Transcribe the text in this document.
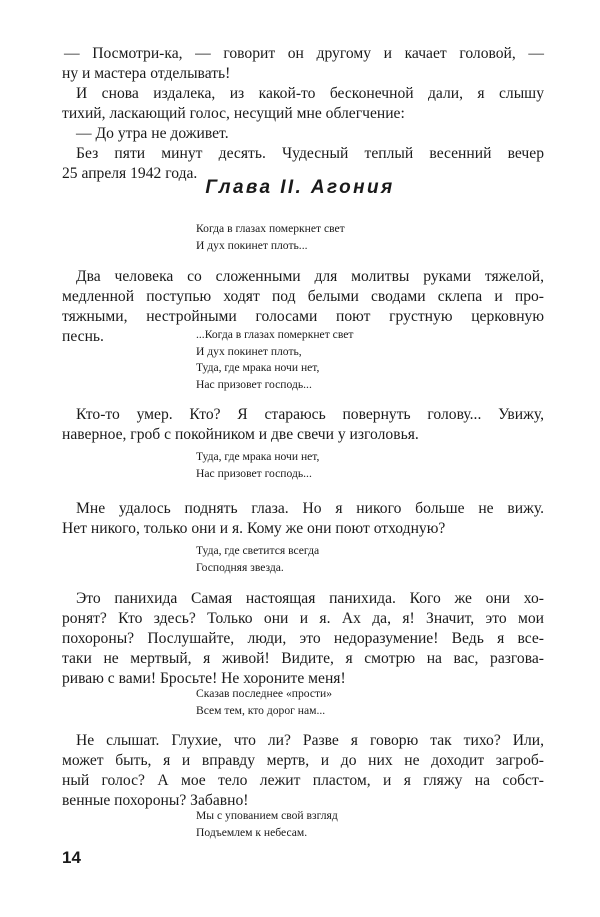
— Посмотри-ка, — говорит он другому и качает головой, —
ну и мастера отделывать!

И снова издалека, из какой-то бесконечной дали, я слышу
тихий, ласкающий голос, несущий мне облегчение:

— До утра не доживет.

Без пяти минут десять. Чудесный теплый весенний вечер
25 апреля 1942 года.

Глава II. Агония
Когда в глазах померкнет свет
И дух покинет плоть...

Два человека со сложенными для молитвы руками тяжелой,
медленной поступью ходят под белыми сводами склепа и про-
тяжными, нестройными голосами поют грустную церковную
песнь.	...Когда в глазах померкнет свет
И дух покинет плоть,
Туда, где мрака ночи нет,
Нас призовет господь...

Кто-то умер. Кто? Я стараюсь повернуть голову... Увижу,
наверное, гроб с покойником и две свечи у изголовья.

Туда, где мрака ночи нет,
Нас призовет господь...

Мне удалось поднять глаза. Но я никого больше не вижу.
Нет никого, только они и я. Кому же они поют отходную?

Туда, где светится всегда
Господняя звезда.

Это панихида Самая настоящая панихида. Кого же они хо-
ронят? Кто здесь? Только они и я. Ах да, я! Значит, это мои
похороны? Послушайте, люди, это недоразумение! Ведь я все-
таки не мертвый, я живой! Видите, я смотрю на вас, разгова-
риваю с вами! Бросьте! Не хороните меня!

Сказав последнее «прости»
Всем тем, кто дорог нам...

Не слышат. Глухие, что ли? Разве я говорю так тихо? Или,
может быть, я и вправду мертв, и до них не доходит загроб-
ный голос? А мое тело лежит пластом, и я гляжу на собст-
венные похороны? Забавно!

Мы с упованием свой взгляд
Подъемлем к небесам.
14
